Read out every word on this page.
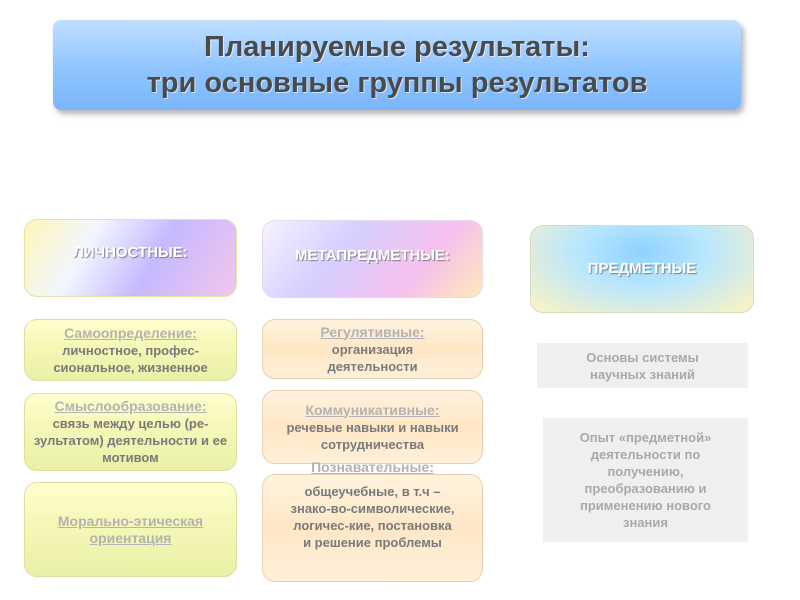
Планируемые результаты:
три основные группы результатов
ЛИЧНОСТНЫЕ:
Самоопределение:
личностное, профес-сиональное, жизненное
Смыслообразование:
связь между целью (ре-зультатом) деятельности и ее мотивом
Морально-этическая ориентация
МЕТАПРЕДМЕТНЫЕ:
Регулятивные:
организация деятельности
Коммуникативные:
речевые навыки и навыки сотрудничества
общеучебные, в т.ч – знако-во-символические, логичес-кие, постановка и решение проблемы
Познавательные:
ПРЕДМЕТНЫЕ
Основы системы научных знаний
Опыт «предметной» деятельности по получению, преобразованию и применению нового знания
